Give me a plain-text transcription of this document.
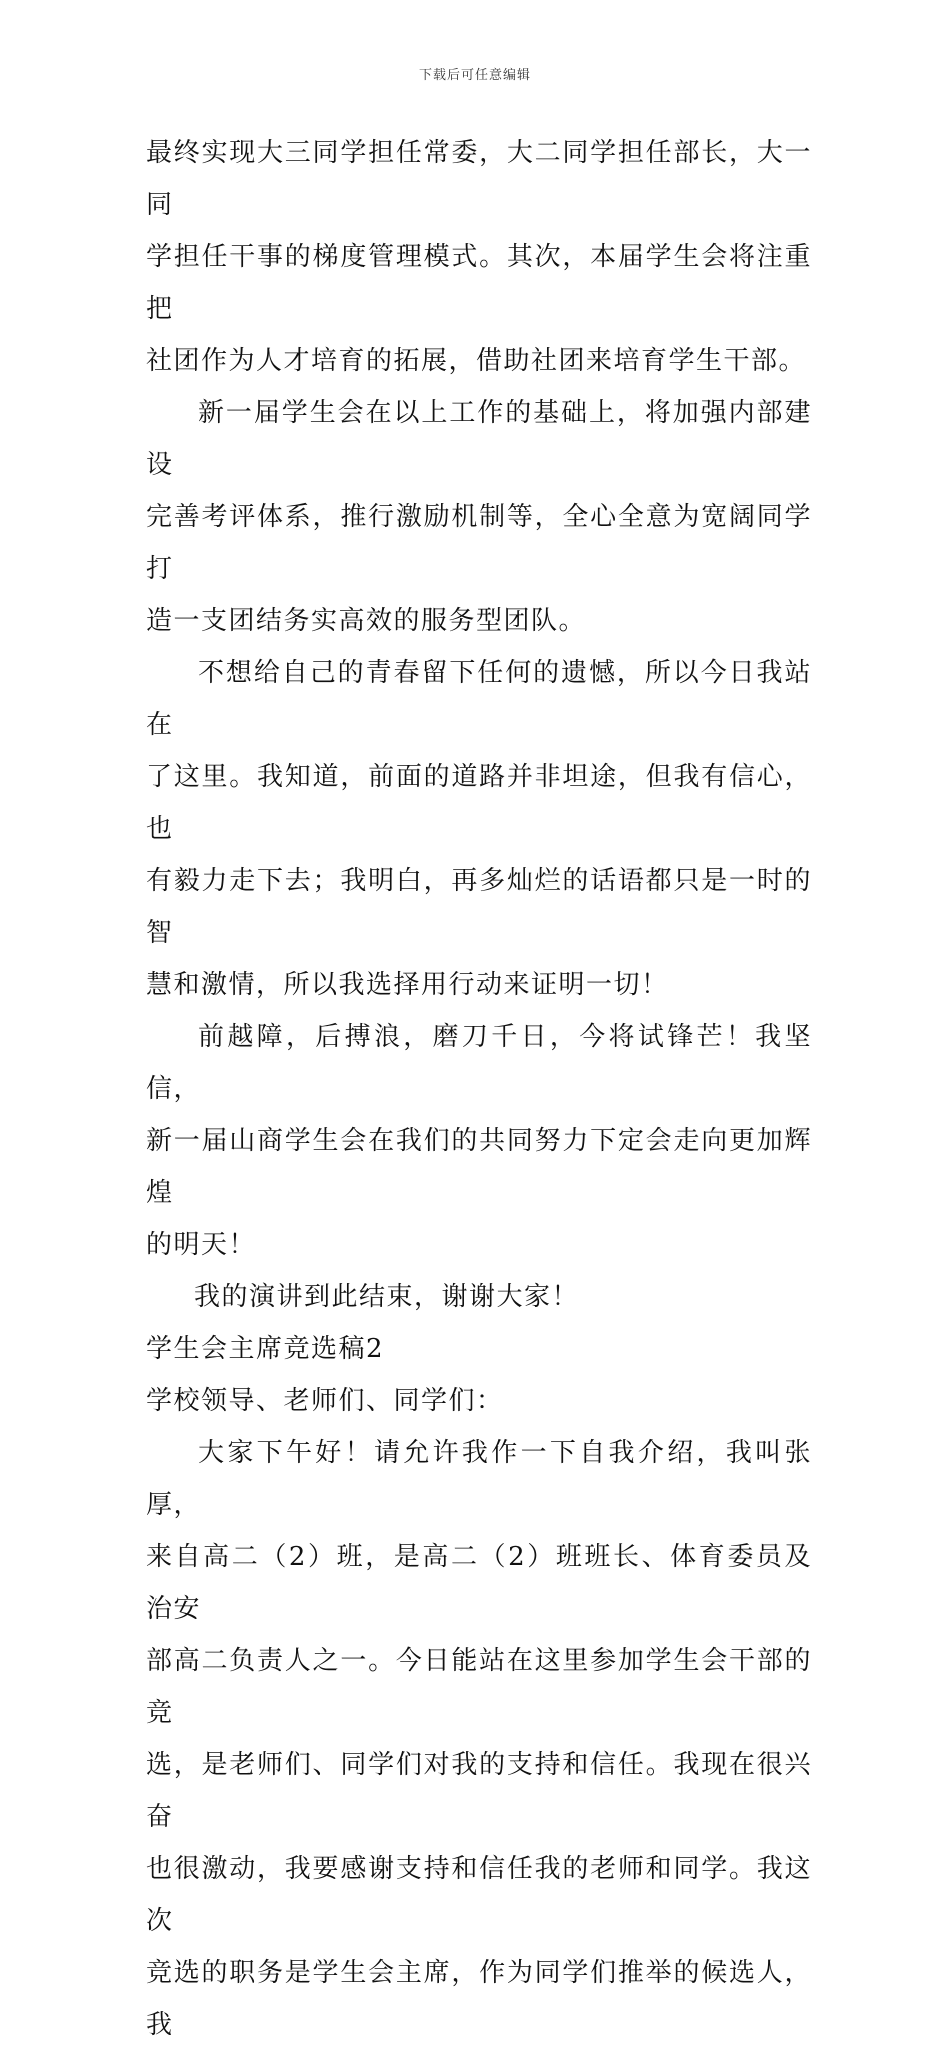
下载后可任意编辑

最终实现大三同学担任常委，大二同学担任部长，大一同
学担任干事的梯度管理模式。其次，本届学生会将注重把
社团作为人才培育的拓展，借助社团来培育学生干部。

新一届学生会在以上工作的基础上，将加强内部建设
完善考评体系，推行激励机制等，全心全意为宽阔同学打
造一支团结务实高效的服务型团队。

不想给自己的青春留下任何的遗憾，所以今日我站在
了这里。我知道，前面的道路并非坦途，但我有信心，也
有毅力走下去；我明白，再多灿烂的话语都只是一时的智
慧和激情，所以我选择用行动来证明一切！

前越障，后搏浪，磨刀千日，今将试锋芒！我坚信，
新一届山商学生会在我们的共同努力下定会走向更加辉煌
的明天！

我的演讲到此结束，谢谢大家！

学生会主席竞选稿2

学校领导、老师们、同学们：

大家下午好！请允许我作一下自我介绍，我叫张厚，
来自高二（2）班，是高二（2）班班长、体育委员及治安
部高二负责人之一。今日能站在这里参加学生会干部的竞
选，是老师们、同学们对我的支持和信任。我现在很兴奋
也很激动，我要感谢支持和信任我的老师和同学。我这次
竞选的职务是学生会主席，作为同学们推举的候选人，我
